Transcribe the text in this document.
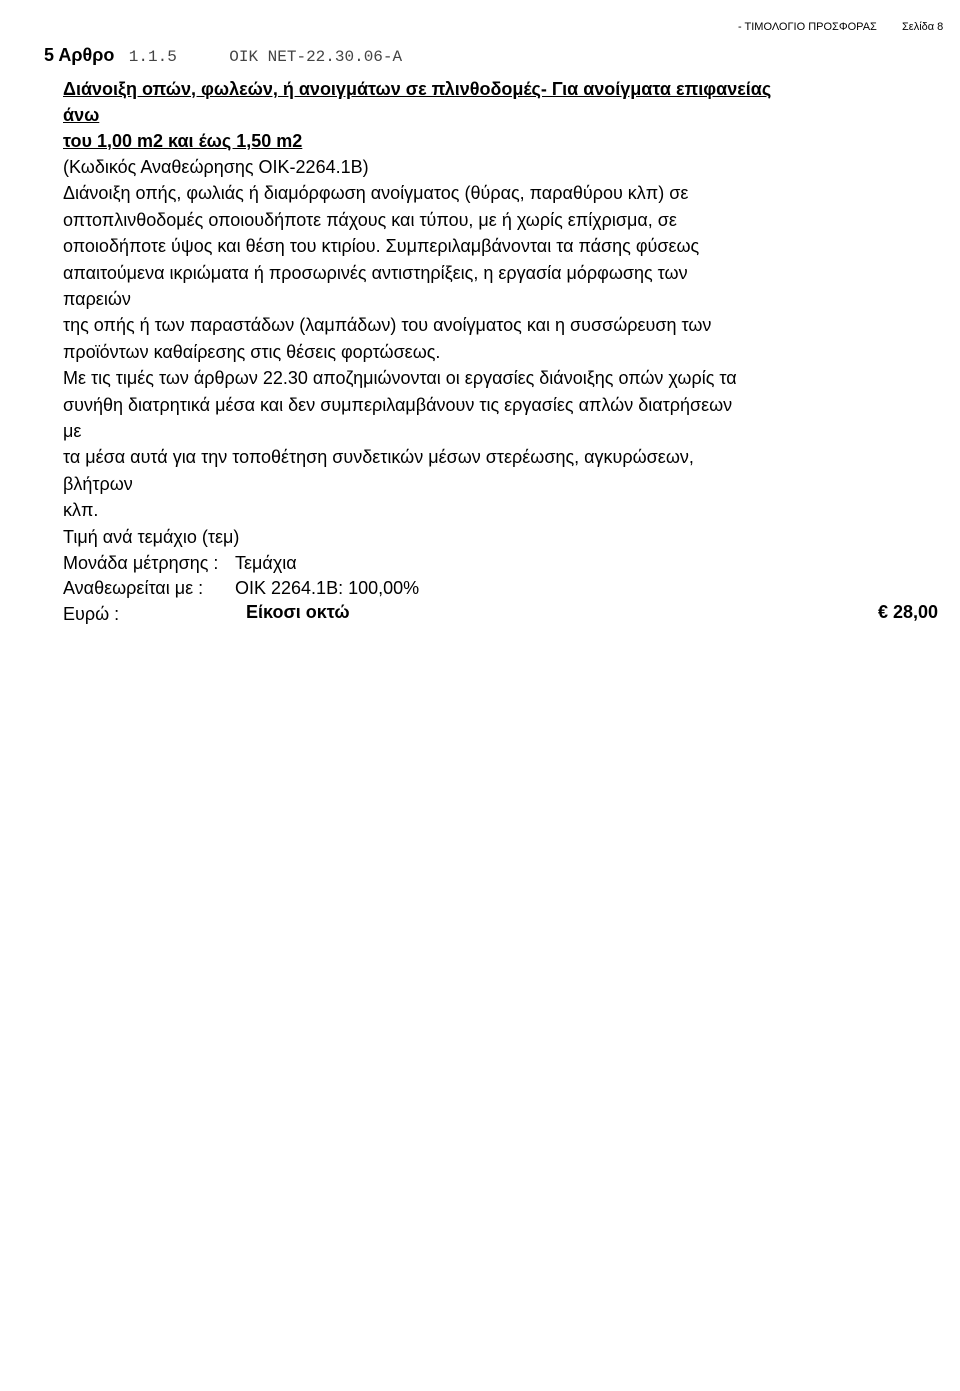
- ΤΙΜΟΛΟΓΙΟ ΠΡΟΣΦΟΡΑΣ Σελίδα 8
5 Αρθρο 1.1.5	ΟΙΚ ΝΕΤ-22.30.06-Α
Διάνοιξη οπών, φωλεών, ή ανοιγμάτων σε πλινθοδομές- Για ανοίγματα επιφανείας
άνω
του 1,00 m2 και έως 1,50 m2
(Κωδικός Αναθεώρησης ΟΙΚ-2264.1Β)
Διάνοιξη οπής, φωλιάς ή διαμόρφωση ανοίγματος (θύρας, παραθύρου κλπ) σε
οπτοπλινθοδομές οποιουδήποτε πάχους και τύπου, με ή χωρίς επίχρισμα, σε
οποιοδήποτε ύψος και θέση του κτιρίου. Συμπεριλαμβάνονται τα πάσης φύσεως
απαιτούμενα ικριώματα ή προσωρινές αντιστηρίξεις, η εργασία μόρφωσης των
παρειών
της οπής ή των παραστάδων (λαμπάδων) του ανοίγματος και η συσσώρευση των
προϊόντων καθαίρεσης στις θέσεις φορτώσεως.
Με τις τιμές των άρθρων 22.30 αποζημιώνονται οι εργασίες διάνοιξης οπών χωρίς τα
συνήθη διατρητικά μέσα και δεν συμπεριλαμβάνουν τις εργασίες απλών διατρήσεων
με
τα μέσα αυτά για την τοποθέτηση συνδετικών μέσων στερέωσης, αγκυρώσεων,
βλήτρων
κλπ.
Τιμή ανά τεμάχιο (τεμ)
Μονάδα μέτρησης : Τεμάχια
Αναθεωρείται με : ΟΙΚ 2264.1Β: 100,00%
Ευρώ :	Είκοσι οκτώ	€ 28,00
